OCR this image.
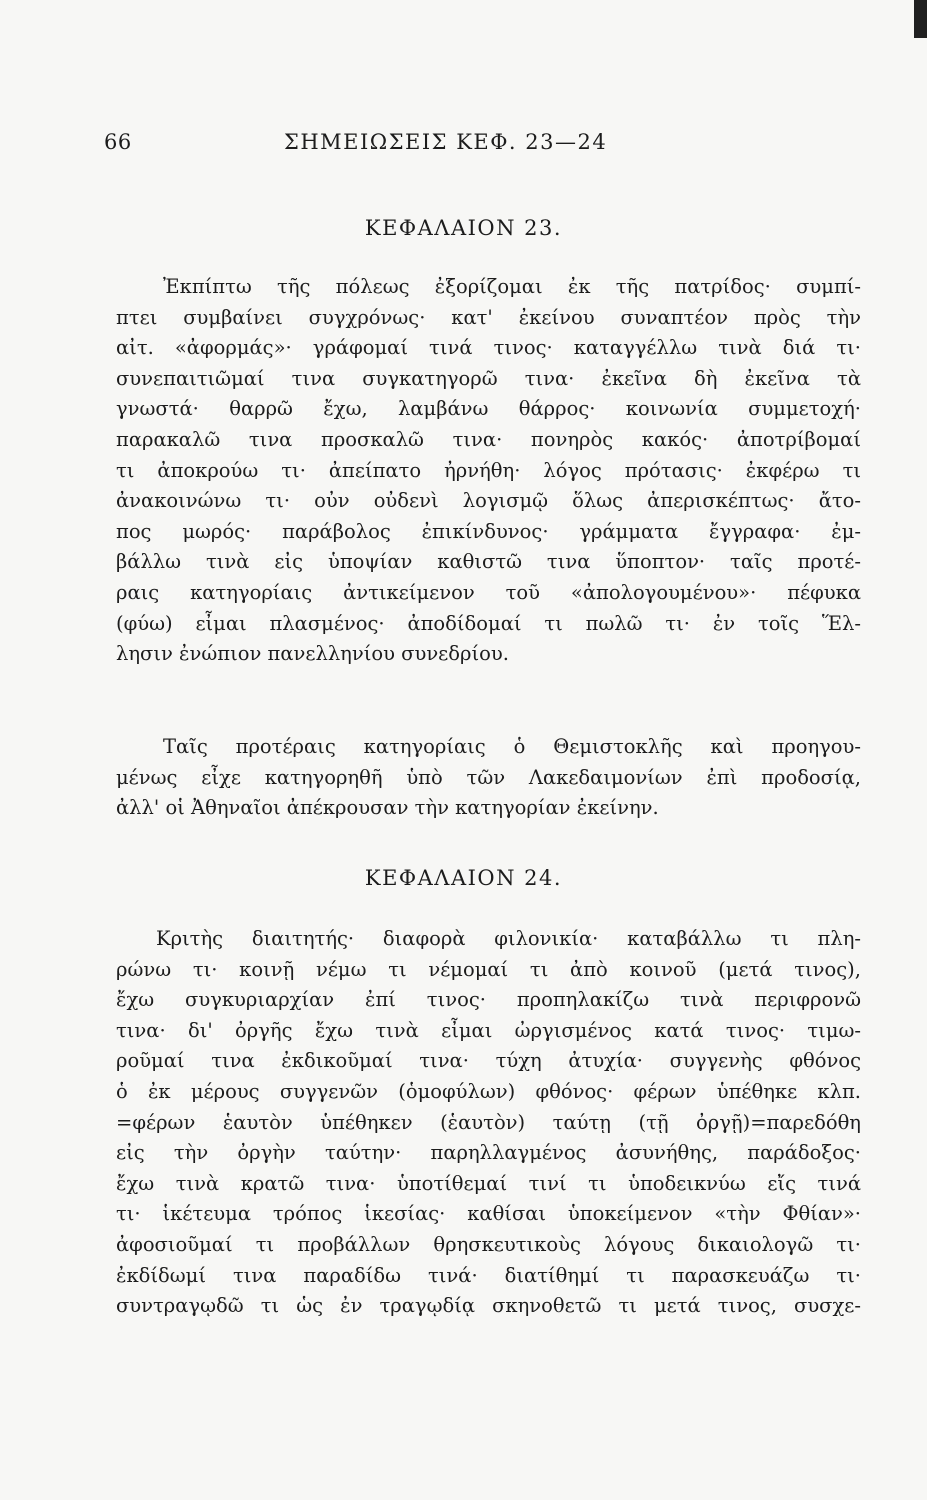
66	ΣΗΜΕΙΩΣΕΙΣ ΚΕΦ. 23—24
ΚΕΦΑΛΑΙΟΝ 23.
Ἐκπίπτω τῆς πόλεως ἐξορίζομαι ἐκ τῆς πατρίδος· συμπί-
πτει συμβαίνει συγχρόνως· κατ' ἐκείνου συναπτέον πρὸς τὴν
αἰτ. «ἀφορμάς»· γράφομαί τινά τινος· καταγγέλλω τινὰ διά τι·
συνεπαιτιῶμαί τινα συγκατηγορῶ τινα· ἐκεῖνα δὴ ἐκεῖνα τὰ
γνωστά· θαρρῶ ἔχω, λαμβάνω θάρρος· κοινωνία συμμετοχή·
παρακαλῶ τινα προσκαλῶ τινα· πονηρὸς κακός· ἀποτρίβομαί
τι ἀποκρούω τι· ἀπείπατο ἠρνήθη· λόγος πρότασις· ἐκφέρω τι
ἀνακοινώνω τι· οὐν οὐδενὶ λογισμῷ ὅλως ἀπερισκέπτως· ἄτο-
πος μωρός· παράβολος ἐπικίνδυνος· γράμματα ἔγγραφα· ἐμ-
βάλλω τινὰ εἰς ὑποψίαν καθιστῶ τινα ὕποπτον· ταῖς προτέ-
ραις κατηγορίαις ἀντικείμενον τοῦ «ἀπολογουμένου»· πέφυκα
(φύω) εἶμαι πλασμένος· ἀποδίδομαί τι πωλῶ τι· ἐν τοῖς Ἕλ-
λησιν ἐνώπιον πανελληνίου συνεδρίου.
Ταῖς προτέραις κατηγορίαις ὁ Θεμιστοκλῆς καὶ προηγου-
μένως εἶχε κατηγορηθῆ ὑπὸ τῶν Λακεδαιμονίων ἐπὶ προδοσίᾳ,
ἀλλ' οἱ Ἀθηναῖοι ἀπέκρουσαν τὴν κατηγορίαν ἐκείνην.
ΚΕΦΑΛΑΙΟΝ 24.
Κριτὴς διαιτητής· διαφορὰ φιλονικία· καταβάλλω τι πλη-
ρώνω τι· κοινῇ νέμω τι νέμομαί τι ἀπὸ κοινοῦ (μετά τινος),
ἔχω συγκυριαρχίαν ἐπί τινος· προπηλακίζω τινὰ περιφρονῶ
τινα· δι' ὀργῆς ἔχω τινὰ εἶμαι ὠργισμένος κατά τινος· τιμω-
ροῦμαί τινα ἐκδικοῦμαί τινα· τύχη ἀτυχία· συγγενὴς φθόνος
ὁ ἐκ μέρους συγγενῶν (ὁμοφύλων) φθόνος· φέρων ὑπέθηκε κλπ.
=φέρων ἑαυτὸν ὑπέθηκεν (ἑαυτὸν) ταύτῃ (τῇ ὀργῇ)=παρεδόθη
εἰς τὴν ὀργὴν ταύτην· παρηλλαγμένος ἀσυνήθης, παράδοξος·
ἔχω τινὰ κρατῶ τινα· ὑποτίθεμαί τινί τι ὑποδεικνύω εἴς τινά
τι· ἱκέτευμα τρόπος ἱκεσίας· καθίσαι ὑποκείμενον «τὴν Φθίαν»·
ἀφοσιοῦμαί τι προβάλλων θρησκευτικοὺς λόγους δικαιολογῶ τι·
ἐκδίδωμί τινα παραδίδω τινά· διατίθημί τι παρασκευάζω τι·
συντραγῳδῶ τι ὡς ἐν τραγῳδίᾳ σκηνοθετῶ τι μετά τινος, συσχε-
